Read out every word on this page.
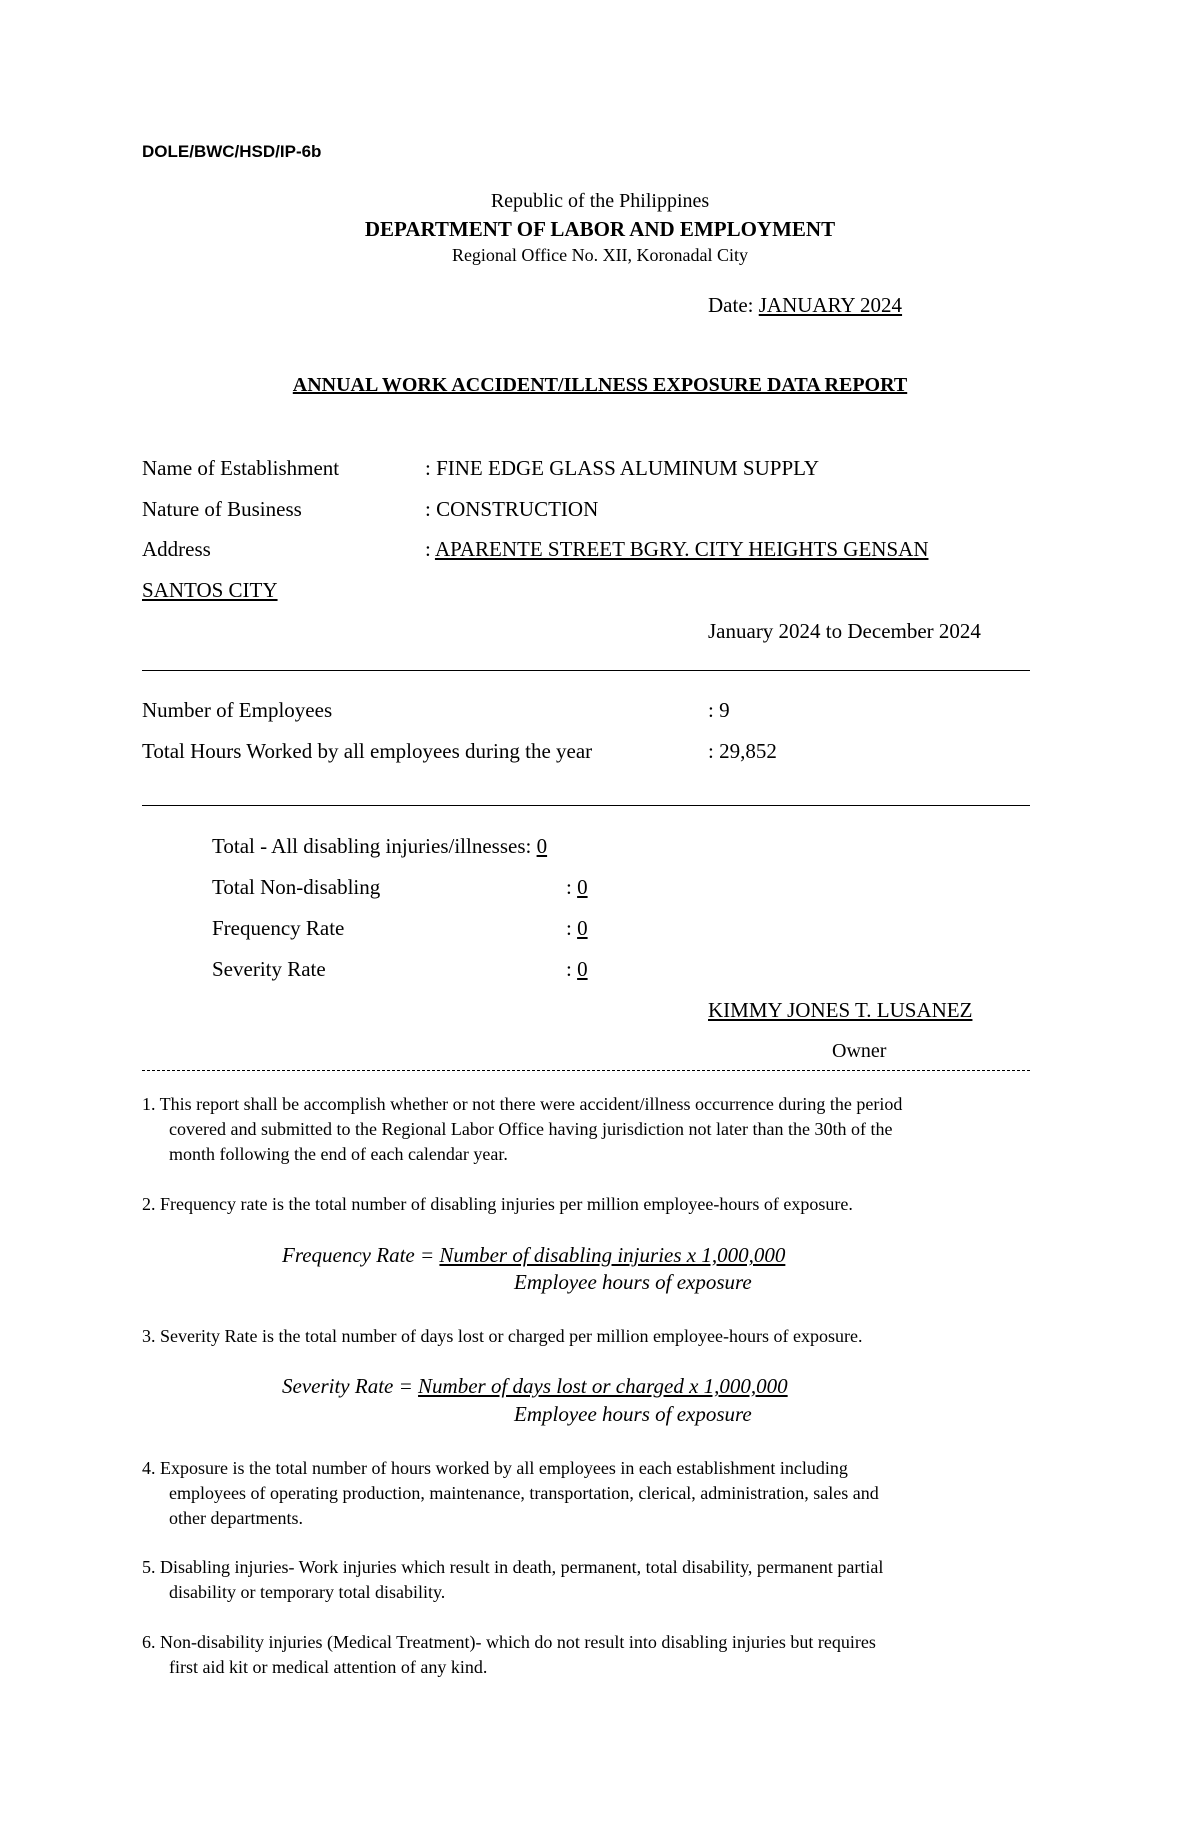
DOLE/BWC/HSD/IP-6b
Republic of the Philippines
DEPARTMENT OF LABOR AND EMPLOYMENT
Regional Office No. XII, Koronadal City
Date: JANUARY 2024
ANNUAL WORK ACCIDENT/ILLNESS EXPOSURE DATA REPORT
Name of Establishment	: FINE EDGE GLASS ALUMINUM SUPPLY
Nature of Business	: CONSTRUCTION
Address	: APARENTE STREET BGRY. CITY HEIGHTS GENSAN
SANTOS CITY
January 2024 to December 2024
Number of Employees	: 9
Total Hours Worked by all employees during the year	: 29,852
Total - All disabling injuries/illnesses: 0
Total Non-disabling	: 0
Frequency Rate	: 0
Severity Rate	: 0
KIMMY JONES T. LUSANEZ
Owner
1. This report shall be accomplish whether or not there were accident/illness occurrence during the period
covered and submitted to the Regional Labor Office having jurisdiction not later than the 30th of the
month following the end of each calendar year.
2. Frequency rate is the total number of disabling injuries per million employee-hours of exposure.
Frequency Rate = Number of disabling injuries x 1,000,000
Employee hours of exposure
3. Severity Rate is the total number of days lost or charged per million employee-hours of exposure.
Severity Rate = Number of days lost or charged x 1,000,000
Employee hours of exposure
4. Exposure is the total number of hours worked by all employees in each establishment including
employees of operating production, maintenance, transportation, clerical, administration, sales and
other departments.
5. Disabling injuries- Work injuries which result in death, permanent, total disability, permanent partial
disability or temporary total disability.
6. Non-disability injuries (Medical Treatment)- which do not result into disabling injuries but requires
first aid kit or medical attention of any kind.
